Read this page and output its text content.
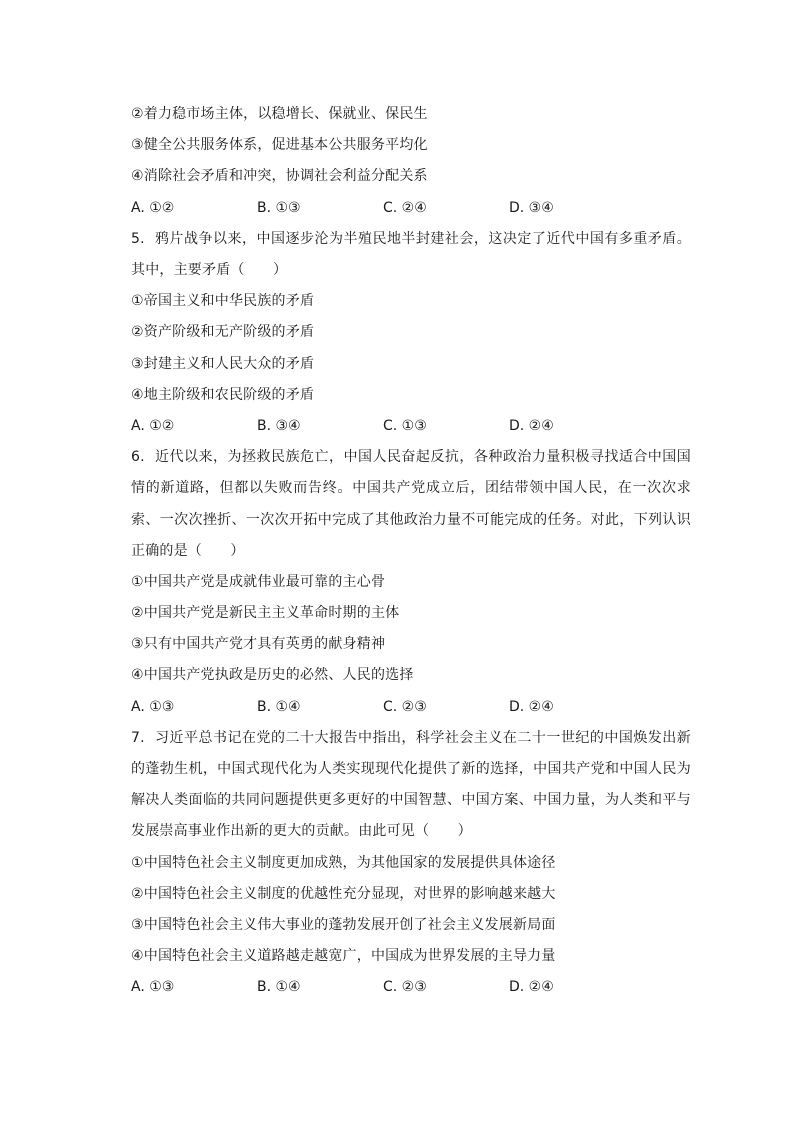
②着力稳市场主体，以稳增长、保就业、保民生
③健全公共服务体系，促进基本公共服务平均化
④消除社会矛盾和冲突，协调社会利益分配关系
A. ①②	B. ①③	C. ②④	D. ③④
5. 鸦片战争以来，中国逐步沦为半殖民地半封建社会，这决定了近代中国有多重矛盾。其中，主要矛盾（　　）
①帝国主义和中华民族的矛盾
②资产阶级和无产阶级的矛盾
③封建主义和人民大众的矛盾
④地主阶级和农民阶级的矛盾
A. ①②	B. ③④	C. ①③	D. ②④
6. 近代以来，为拯救民族危亡，中国人民奋起反抗，各种政治力量积极寻找适合中国国情的新道路，但都以失败而告终。中国共产党成立后，团结带领中国人民，在一次次求索、一次次挫折、一次次开拓中完成了其他政治力量不可能完成的任务。对此，下列认识正确的是（　　）
①中国共产党是成就伟业最可靠的主心骨
②中国共产党是新民主主义革命时期的主体
③只有中国共产党才具有英勇的献身精神
④中国共产党执政是历史的必然、人民的选择
A. ①③	B. ①④	C. ②③	D. ②④
7. 习近平总书记在党的二十大报告中指出，科学社会主义在二十一世纪的中国焕发出新的蓬勃生机，中国式现代化为人类实现现代化提供了新的选择，中国共产党和中国人民为解决人类面临的共同问题提供更多更好的中国智慧、中国方案、中国力量，为人类和平与发展崇高事业作出新的更大的贡献。由此可见（　　）
①中国特色社会主义制度更加成熟，为其他国家的发展提供具体途径
②中国特色社会主义制度的优越性充分显现，对世界的影响越来越大
③中国特色社会主义伟大事业的蓬勃发展开创了社会主义发展新局面
④中国特色社会主义道路越走越宽广，中国成为世界发展的主导力量
A. ①③	B. ①④	C. ②③	D. ②④
